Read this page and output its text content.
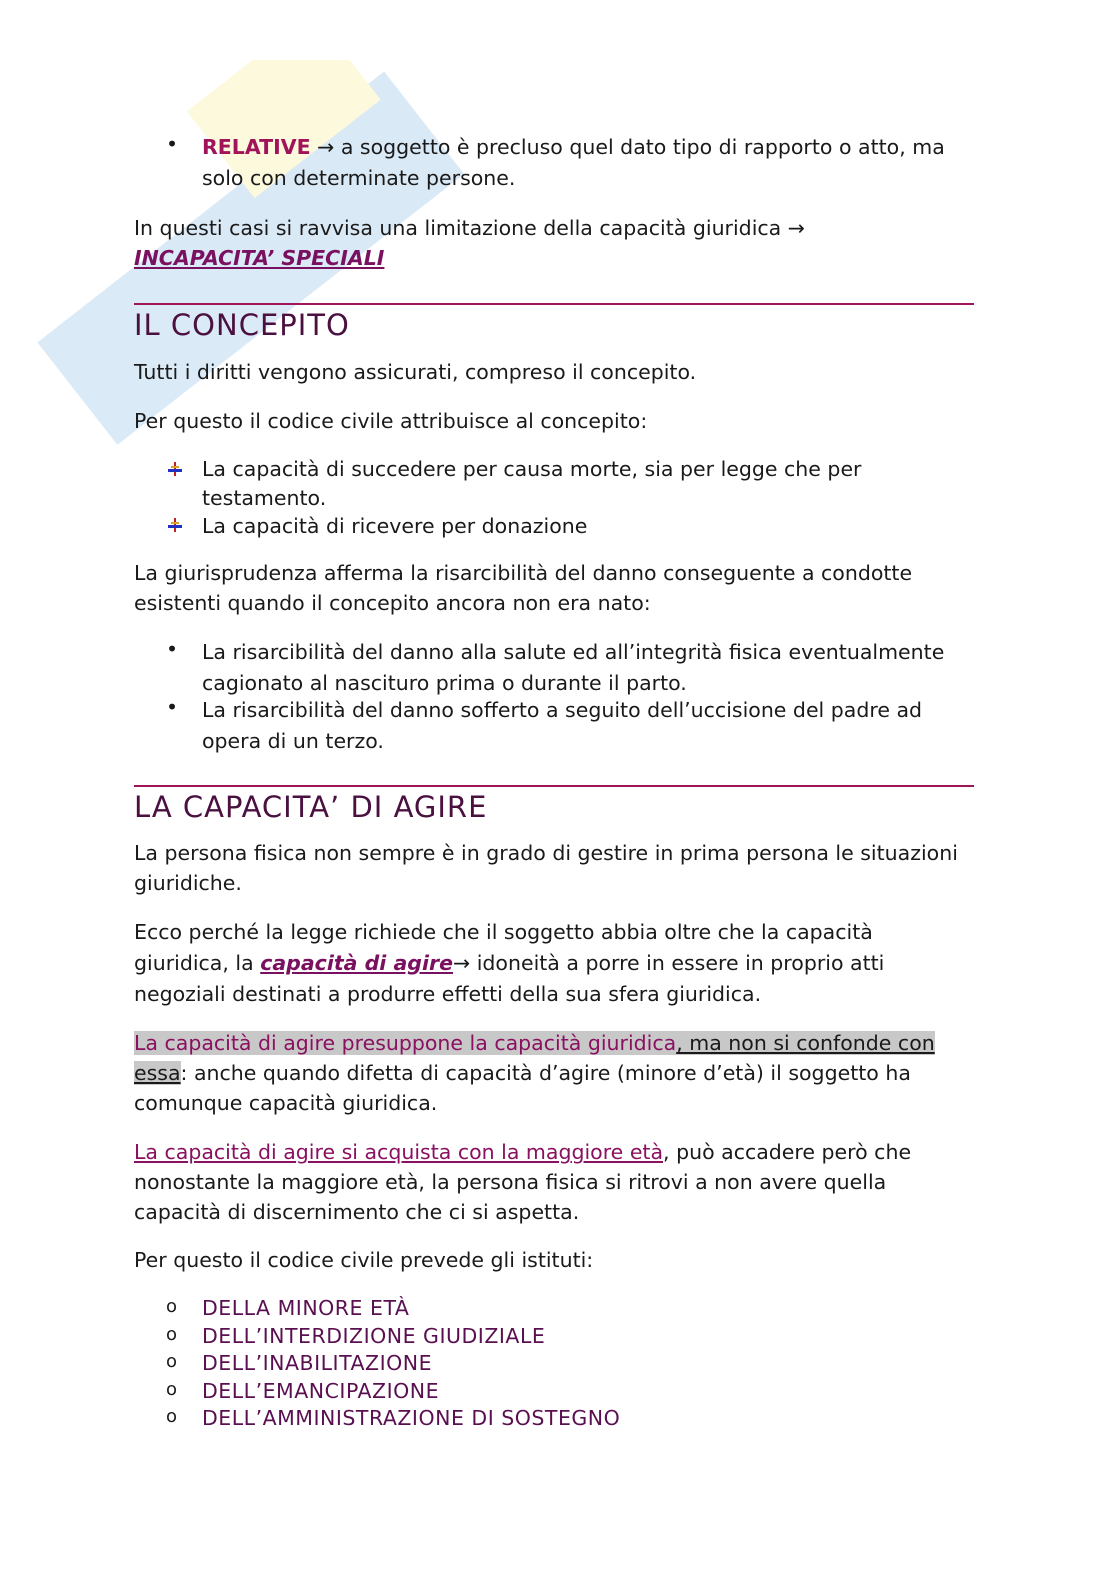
• RELATIVE → a soggetto è precluso quel dato tipo di rapporto o atto, ma solo con determinate persone.
In questi casi si ravvisa una limitazione della capacità giuridica →
INCAPACITA’ SPECIALI
IL CONCEPITO
Tutti i diritti vengono assicurati, compreso il concepito.
Per questo il codice civile attribuisce al concepito:
La capacità di succedere per causa morte, sia per legge che per testamento.
La capacità di ricevere per donazione
La giurisprudenza afferma la risarcibilità del danno conseguente a condotte esistenti quando il concepito ancora non era nato:
• La risarcibilità del danno alla salute ed all’integrità fisica eventualmente cagionato al nascituro prima o durante il parto.
• La risarcibilità del danno sofferto a seguito dell’uccisione del padre ad opera di un terzo.
LA CAPACITA’ DI AGIRE
La persona fisica non sempre è in grado di gestire in prima persona le situazioni giuridiche.
Ecco perché la legge richiede che il soggetto abbia oltre che la capacità giuridica, la capacità di agire→ idoneità a porre in essere in proprio atti negoziali destinati a produrre effetti della sua sfera giuridica.
La capacità di agire presuppone la capacità giuridica, ma non si confonde con essa: anche quando difetta di capacità d’agire (minore d’età) il soggetto ha comunque capacità giuridica.
La capacità di agire si acquista con la maggiore età, può accadere però che nonostante la maggiore età, la persona fisica si ritrovi a non avere quella capacità di discernimento che ci si aspetta.
Per questo il codice civile prevede gli istituti:
o DELLA MINORE ETÀ
o DELL’INTERDIZIONE GIUDIZIALE
o DELL’INABILITAZIONE
o DELL’EMANCIPAZIONE
o DELL’AMMINISTRAZIONE DI SOSTEGNO
